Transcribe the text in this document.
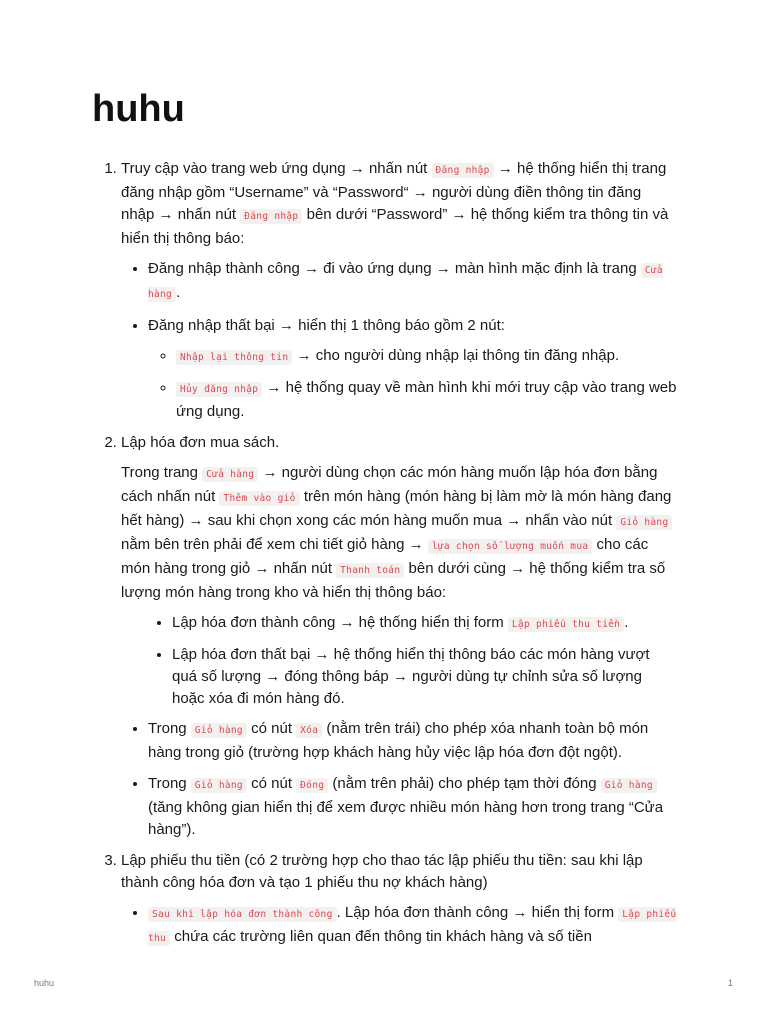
huhu
1. Truy cập vào trang web ứng dụng → nhấn nút Đăng nhập → hệ thống hiển thị trang đăng nhập gồm “Username” và “Password“ → người dùng điền thông tin đăng nhập → nhấn nút Đăng nhập bên dưới “Password” → hệ thống kiểm tra thông tin và hiển thị thông báo:
• Đăng nhập thành công → đi vào ứng dụng → màn hình mặc định là trang Cửa hàng .
• Đăng nhập thất bại → hiển thị 1 thông báo gồm 2 nút:
◦ Nhập lại thông tin → cho người dùng nhập lại thông tin đăng nhập.
◦ Hủy đăng nhập → hệ thống quay về màn hình khi mới truy cập vào trang web ứng dụng.
2. Lập hóa đơn mua sách.

Trong trang Cửa hàng → người dùng chọn các món hàng muốn lập hóa đơn bằng cách nhấn nút Thêm vào giỏ trên món hàng (món hàng bị làm mờ là món hàng đang hết hàng) → sau khi chọn xong các món hàng muốn mua → nhấn vào nút Giỏ hàng nằm bên trên phải để xem chi tiết giỏ hàng → lựa chọn số lượng muốn mua cho các món hàng trong giỏ → nhấn nút Thanh toán bên dưới cùng → hệ thống kiểm tra số lượng món hàng trong kho và hiển thị thông báo:

• Lập hóa đơn thành công → hệ thống hiển thị form Lập phiếu thu tiền .
• Lập hóa đơn thất bại → hệ thống hiển thị thông báo các món hàng vượt quá số lượng → đóng thông báp → người dùng tự chỉnh sửa số lượng hoặc xóa đi món hàng đó.
• Trong Giỏ hàng có nút Xóa (nằm trên trái) cho phép xóa nhanh toàn bộ món hàng trong giỏ (trường hợp khách hàng hủy việc lập hóa đơn đột ngột).
• Trong Giỏ hàng có nút Đóng (nằm trên phải) cho phép tạm thời đóng Giỏ hàng (tăng không gian hiển thị để xem được nhiều món hàng hơn trong trang “Cửa hàng”).
3. Lập phiếu thu tiền (có 2 trường hợp cho thao tác lập phiếu thu tiền: sau khi lập thành công hóa đơn và tạo 1 phiếu thu nợ khách hàng)
• Sau khi lập hóa đơn thành công . Lập hóa đơn thành công → hiển thị form Lập phiếu thu chứa các trường liên quan đến thông tin khách hàng và số tiền
huhu	1
